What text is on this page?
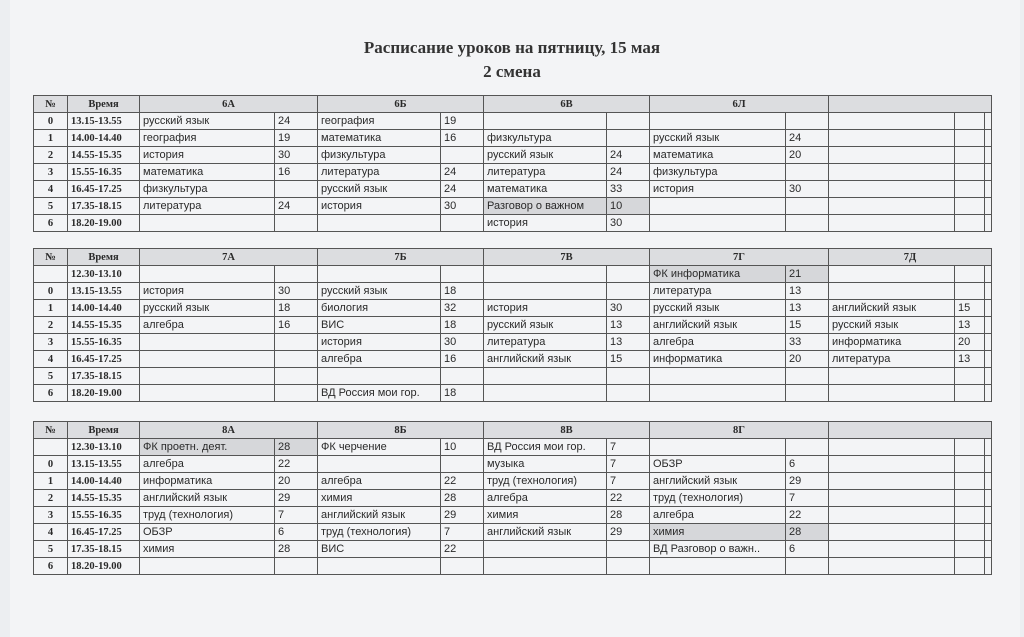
Расписание уроков на пятницу, 15 мая
2 смена
№	Время	6А		6Б		6В		6Л				
0	13.15-13.55	русский язык	24	география	19							
1	14.00-14.40	география	19	математика	16	физкультура		русский язык	24			
2	14.55-15.35	история	30	физкультура		русский язык	24	математика	20			
3	15.55-16.35	математика	16	литература	24	литература	24	физкультура				
4	16.45-17.25	физкультура		русский язык	24	математика	33	история	30			
5	17.35-18.15	литература	24	история	30	Разговор о важном	10					
6	18.20-19.00					история	30					
№	Время	7А		7Б		7В		7Г		7Д		
	12.30-13.10							ФК информатика	21			
0	13.15-13.55	история	30	русский язык	18			литература	13			
1	14.00-14.40	русский язык	18	биология	32	история	30	русский язык	13	английский язык	15	
2	14.55-15.35	алгебра	16	ВИС	18	русский язык	13	английский язык	15	русский язык	13	
3	15.55-16.35			история	30	литература	13	алгебра	33	информатика	20	
4	16.45-17.25			алгебра	16	английский язык	15	информатика	20	литература	13	
5	17.35-18.15											
6	18.20-19.00			ВД Россия мои гор.	18							
№	Время	8А		8Б		8В		8Г				
	12.30-13.10	ФК проетн. деят.	28	ФК черчение	10	ВД Россия мои гор.	7					
0	13.15-13.55	алгебра	22			музыка	7	ОБЗР	6			
1	14.00-14.40	информатика	20	алгебра	22	труд (технология)	7	английский язык	29			
2	14.55-15.35	английский язык	29	химия	28	алгебра	22	труд (технология)	7			
3	15.55-16.35	труд (технология)	7	английский язык	29	химия	28	алгебра	22			
4	16.45-17.25	ОБЗР	6	труд (технология)	7	английский язык	29	химия	28			
5	17.35-18.15	химия	28	ВИС	22			ВД Разговор о важн..	6			
6	18.20-19.00											
